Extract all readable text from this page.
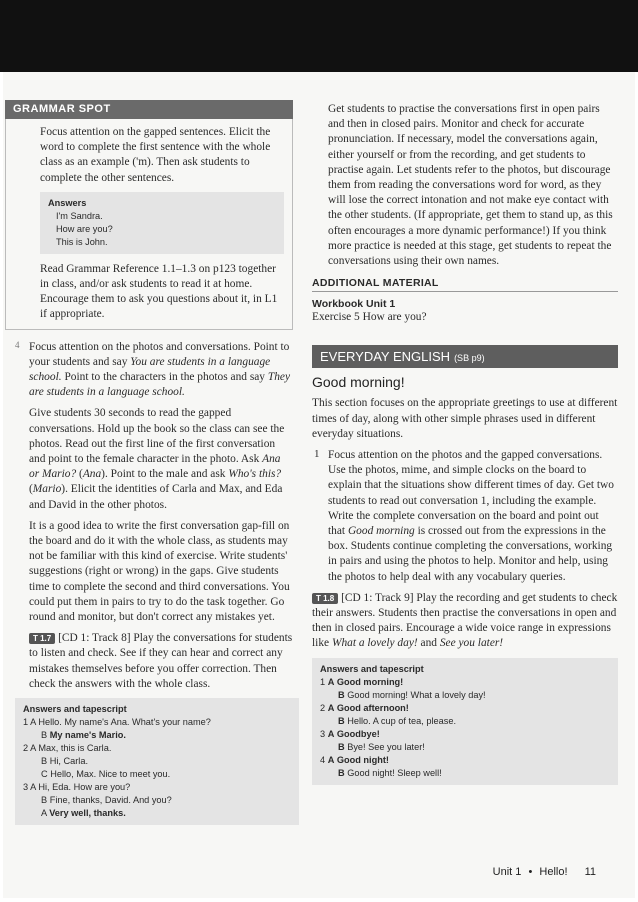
GRAMMAR SPOT

Focus attention on the gapped sentences. Elicit the word to complete the first sentence with the whole class as an example ('m). Then ask students to complete the other sentences.

Answers
I'm Sandra.
How are you?
This is John.

Read Grammar Reference 1.1–1.3 on p123 together in class, and/or ask students to read it at home. Encourage them to ask you questions about it, in L1 if appropriate.

4 Focus attention on the photos and conversations. Point to your students and say You are students in a language school. Point to the characters in the photos and say They are students in a language school.

Give students 30 seconds to read the gapped conversations. Hold up the book so the class can see the photos. Read out the first line of the first conversation and point to the female character in the photo. Ask Ana or Mario? (Ana). Point to the male and ask Who's this? (Mario). Elicit the identities of Carla and Max, and Eda and David in the other photos.

It is a good idea to write the first conversation gap-fill on the board and do it with the whole class, as students may not be familiar with this kind of exercise. Write students' suggestions (right or wrong) in the gaps. Give students time to complete the second and third conversations. You could put them in pairs to try to do the task together. Go round and monitor, but don't correct any mistakes yet.

T 1.7 [CD 1: Track 8] Play the conversations for students to listen and check. See if they can hear and correct any mistakes themselves before you offer correction. Then check the answers with the whole class.

Answers and tapescript
1 A Hello. My name's Ana. What's your name?
B My name's Mario.
2 A Max, this is Carla.
B Hi, Carla.
C Hello, Max. Nice to meet you.
3 A Hi, Eda. How are you?
B Fine, thanks, David. And you?
A Very well, thanks.

Get students to practise the conversations first in open pairs and then in closed pairs. Monitor and check for accurate pronunciation. If necessary, model the conversations again, either yourself or from the recording, and get students to practise again. Let students refer to the photos, but discourage them from reading the conversations word for word, as they will lose the correct intonation and not make eye contact with the other students. (If appropriate, get them to stand up, as this often encourages a more dynamic performance!) If you think more practice is needed at this stage, get students to repeat the conversations using their own names.

ADDITIONAL MATERIAL
Workbook Unit 1

Exercise 5 How are you?

EVERYDAY ENGLISH (SB p9)
Good morning!

This section focuses on the appropriate greetings to use at different times of day, along with other simple phrases used in different everyday situations.

1 Focus attention on the photos and the gapped conversations. Use the photos, mime, and simple clocks on the board to explain that the situations show different times of day. Get two students to read out conversation 1, including the example. Write the complete conversation on the board and point out that Good morning is crossed out from the expressions in the box. Students continue completing the conversations, working in pairs and using the photos to help. Monitor and help, using the photos to help deal with any vocabulary queries.

T 1.8 [CD 1: Track 9] Play the recording and get students to check their answers. Students then practise the conversations in open and then in closed pairs. Encourage a wide voice range in expressions like What a lovely day! and See you later!

Answers and tapescript
1 A Good morning!
B Good morning! What a lovely day!
2 A Good afternoon!
B Hello. A cup of tea, please.
3 A Goodbye!
B Bye! See you later!
4 A Good night!
B Good night! Sleep well!
Unit 1 • Hello! 11
